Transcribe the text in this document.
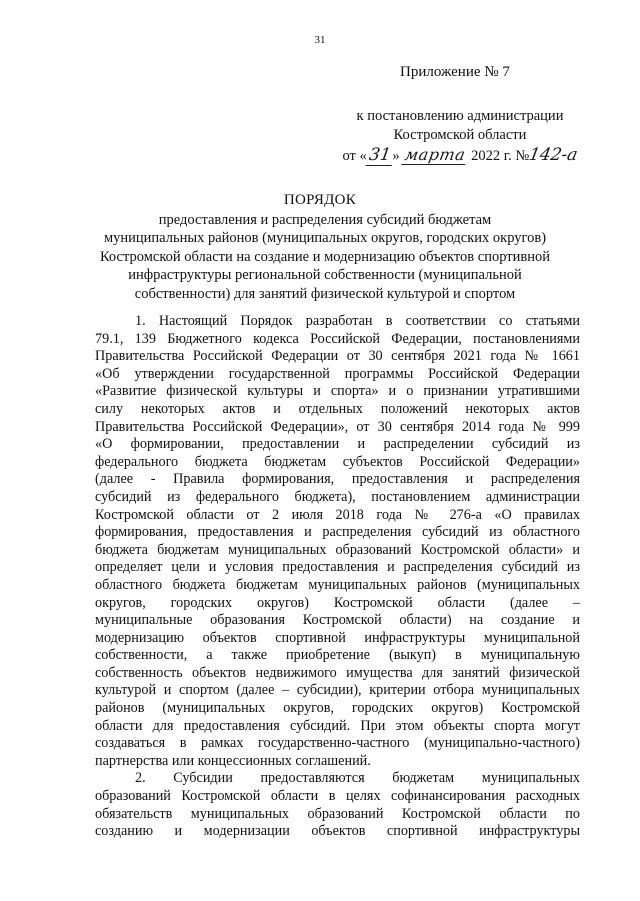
31
Приложение № 7
к постановлению администрации
Костромской области
от «31» марта 2022 г. №142-а
ПОРЯДОК
предоставления и распределения субсидий бюджетам
муниципальных районов (муниципальных округов, городских округов)
Костромской области на создание и модернизацию объектов спортивной
инфраструктуры региональной собственности (муниципальной
собственности) для занятий физической культурой и спортом
1. Настоящий Порядок разработан в соответствии со статьями
79.1, 139 Бюджетного кодекса Российской Федерации, постановлениями
Правительства Российской Федерации от 30 сентября 2021 года № 1661
«Об утверждении государственной программы Российской Федерации
«Развитие физической культуры и спорта» и о признании утратившими
силу некоторых актов и отдельных положений некоторых актов
Правительства Российской Федерации», от 30 сентября 2014 года № 999
«О формировании, предоставлении и распределении субсидий из
федерального бюджета бюджетам субъектов Российской Федерации»
(далее - Правила формирования, предоставления и распределения
субсидий из федерального бюджета), постановлением администрации
Костромской области от 2 июля 2018 года № 276-а «О правилах
формирования, предоставления и распределения субсидий из областного
бюджета бюджетам муниципальных образований Костромской области» и
определяет цели и условия предоставления и распределения субсидий из
областного бюджета бюджетам муниципальных районов (муниципальных
округов, городских округов) Костромской области (далее –
муниципальные образования Костромской области) на создание и
модернизацию объектов спортивной инфраструктуры муниципальной
собственности, а также приобретение (выкуп) в муниципальную
собственность объектов недвижимого имущества для занятий физической
культурой и спортом (далее – субсидии), критерии отбора муниципальных
районов (муниципальных округов, городских округов) Костромской
области для предоставления субсидий. При этом объекты спорта могут
создаваться в рамках государственно-частного (муниципально-частного)
партнерства или концессионных соглашений.
2. Субсидии предоставляются бюджетам муниципальных
образований Костромской области в целях софинансирования расходных
обязательств муниципальных образований Костромской области по
созданию и модернизации объектов спортивной инфраструктуры
